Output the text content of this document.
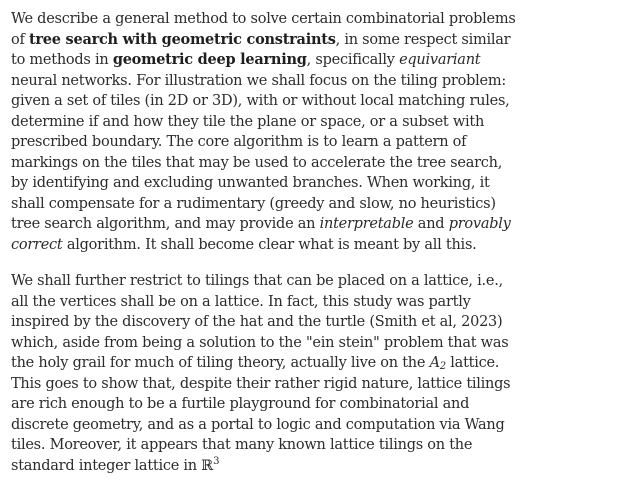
We describe a general method to solve certain combinatorial problems of tree search with geometric constraints, in some respect similar to methods in geometric deep learning, specifically equivariant neural networks. For illustration we shall focus on the tiling problem: given a set of tiles (in 2D or 3D), with or without local matching rules, determine if and how they tile the plane or space, or a subset with prescribed boundary. The core algorithm is to learn a pattern of markings on the tiles that may be used to accelerate the tree search, by identifying and excluding unwanted branches. When working, it shall compensate for a rudimentary (greedy and slow, no heuristics) tree search algorithm, and may provide an interpretable and provably correct algorithm. It shall become clear what is meant by all this.

We shall further restrict to tilings that can be placed on a lattice, i.e., all the vertices shall be on a lattice. In fact, this study was partly inspired by the discovery of the hat and the turtle (Smith et al, 2023) which, aside from being a solution to the "ein stein" problem that was the holy grail for much of tiling theory, actually live on the $A_2$ lattice. This goes to show that, despite their rather rigid nature, lattice tilings are rich enough to be a furtile playground for combinatorial and discrete geometry, and as a portal to logic and computation via Wang tiles. Moreover, it appears that many known lattice tilings on the standard integer lattice in ℝ$^3$
